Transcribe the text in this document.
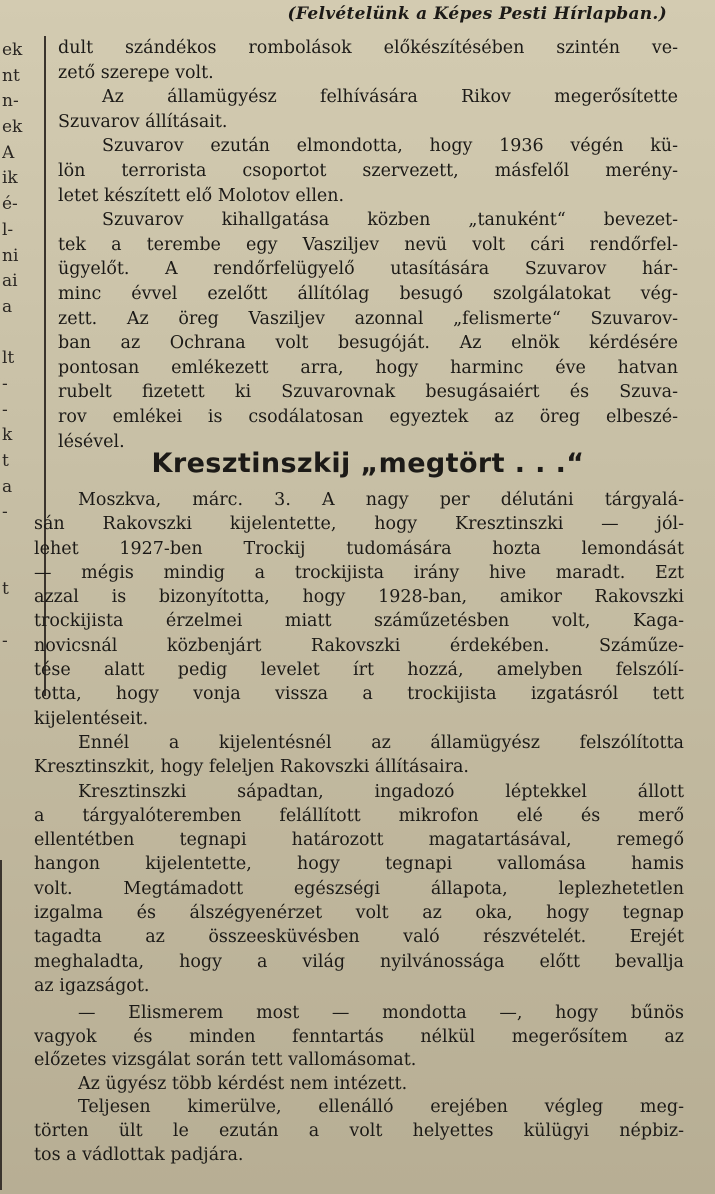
(Felvételünk a Képes Pesti Hírlapban.)
ek
nt
n-
ek
A
ik
é-
l-
ni
ai
a
lt
-
-
k
t
a
-
t
-
dult szándékos rombolások előkészítésében szintén ve-
zető szerepe volt.
Az államügyész felhívására Rikov megerősítette
Szuvarov állításait.
Szuvarov ezután elmondotta, hogy 1936 végén kü-
lön terrorista csoportot szervezett, másfelől merény-
letet készített elő Molotov ellen.
Szuvarov kihallgatása közben „tanuként“ bevezet-
tek a terembe egy Vasziljev nevü volt cári rendőrfel-
ügyelőt. A rendőrfelügyelő utasítására Szuvarov hár-
minc évvel ezelőtt állítólag besugó szolgálatokat vég-
zett. Az öreg Vasziljev azonnal „felismerte“ Szuvarov-
ban az Ochrana volt besugóját. Az elnök kérdésére
pontosan emlékezett arra, hogy harminc éve hatvan
rubelt fizetett ki Szuvarovnak besugásaiért és Szuva-
rov emlékei is csodálatosan egyeztek az öreg elbeszé-
lésével.
Kresztinszkij „megtört . . .“
Moszkva, márc. 3. A nagy per délutáni tárgyalá-
sán Rakovszki kijelentette, hogy Kresztinszki — jól-
lehet 1927-ben Trockij tudomására hozta lemondását
— mégis mindig a trockijista irány hive maradt. Ezt
azzal is bizonyította, hogy 1928-ban, amikor Rakovszki
trockijista érzelmei miatt száműzetésben volt, Kaga-
novicsnál közbenjárt Rakovszki érdekében. Száműze-
tése alatt pedig levelet írt hozzá, amelyben felszólí-
totta, hogy vonja vissza a trockijista izgatásról tett
kijelentéseit.
Ennél a kijelentésnél az államügyész felszólította
Kresztinszkit, hogy feleljen Rakovszki állításaira.
Kresztinszki sápadtan, ingadozó léptekkel állott
a tárgyalóteremben felállított mikrofon elé és merő
ellentétben tegnapi határozott magatartásával, remegő
hangon kijelentette, hogy tegnapi vallomása hamis
volt. Megtámadott egészségi állapota, leplezhetetlen
izgalma és álszégyenérzet volt az oka, hogy tegnap
tagadta az összeesküvésben való részvételét. Erejét
meghaladta, hogy a világ nyilvánossága előtt bevallja
az igazságot.
— Elismerem most — mondotta —, hogy bűnös
vagyok és minden fenntartás nélkül megerősítem az
előzetes vizsgálat során tett vallomásomat.
Az ügyész több kérdést nem intézett.
Teljesen kimerülve, ellenálló erejében végleg meg-
törten ült le ezután a volt helyettes külügyi népbiz-
tos a vádlottak padjára.
